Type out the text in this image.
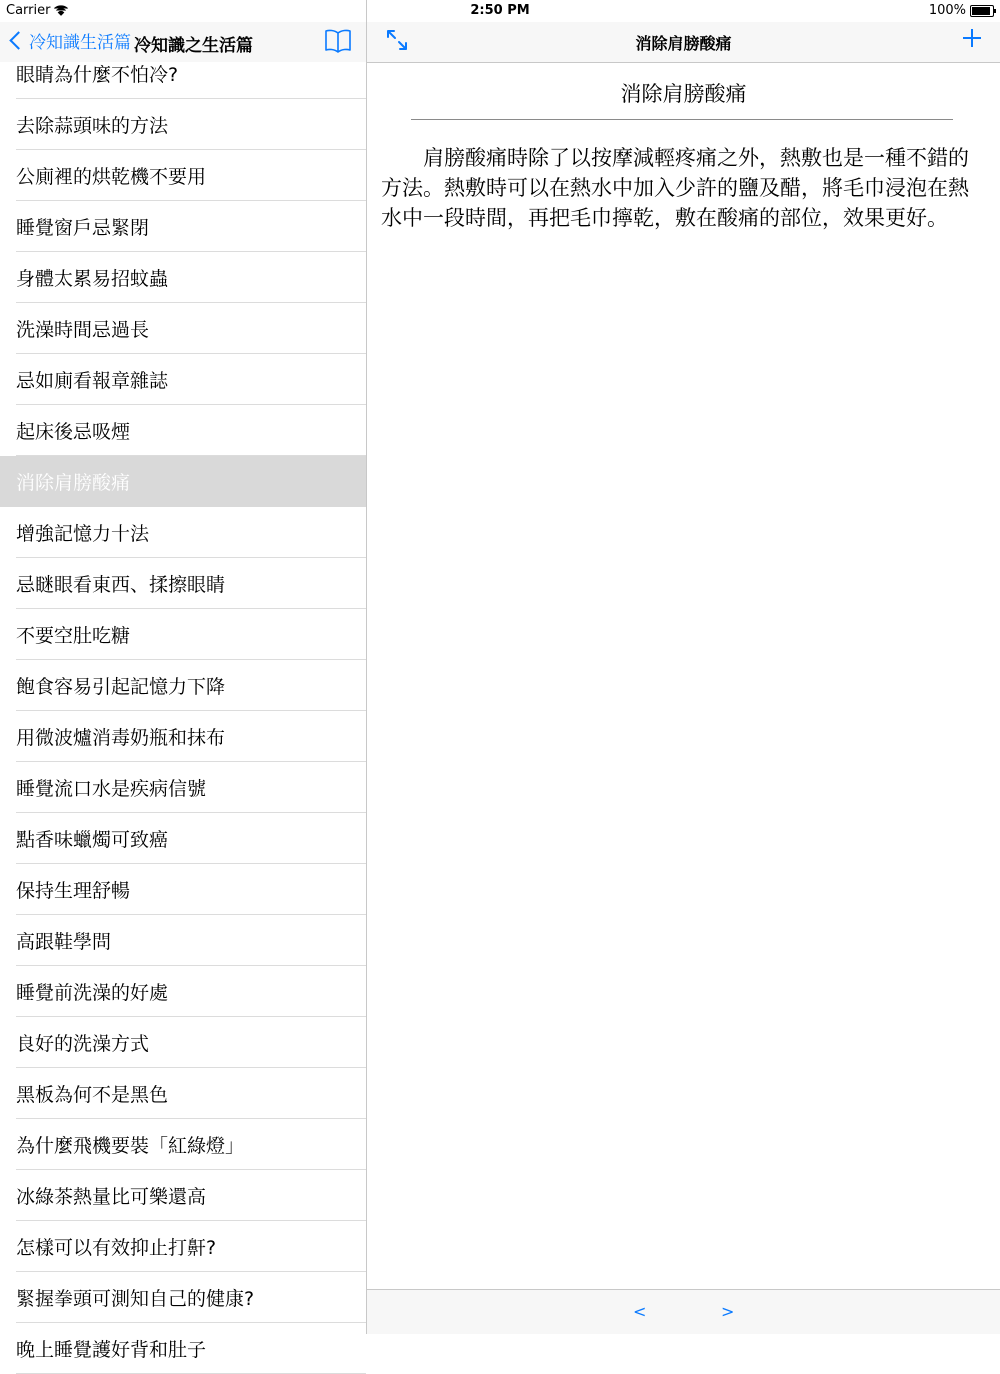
眼睛為什麼不怕冷?
去除蒜頭味的方法
公廁裡的烘乾機不要用
睡覺窗戶忌緊閉
身體太累易招蚊蟲
洗澡時間忌過長
忌如廁看報章雜誌
起床後忌吸煙
消除肩膀酸痛
增強記憶力十法
忌瞇眼看東西、揉擦眼睛
不要空肚吃糖
飽食容易引起記憶力下降
用微波爐消毒奶瓶和抹布
睡覺流口水是疾病信號
點香味蠟燭可致癌
保持生理舒暢
高跟鞋學問
睡覺前洗澡的好處
良好的洗澡方式
黑板為何不是黑色
為什麼飛機要裝「紅綠燈」
冰綠茶熱量比可樂還高
怎樣可以有效抑止打鼾?
緊握拳頭可測知自己的健康?
晚上睡覺護好背和肚子
冷知識生活篇 冷知識之生活篇	消除肩膀酸痛
消除肩膀酸痛
肩膀酸痛時除了以按摩減輕疼痛之外，熱敷也是一種不錯的方法。熱敷時可以在熱水中加入少許的鹽及醋，將毛巾浸泡在熱水中一段時間，再把毛巾擰乾，敷在酸痛的部位，效果更好。
<	>
Carrier	2:50 PM	100%
